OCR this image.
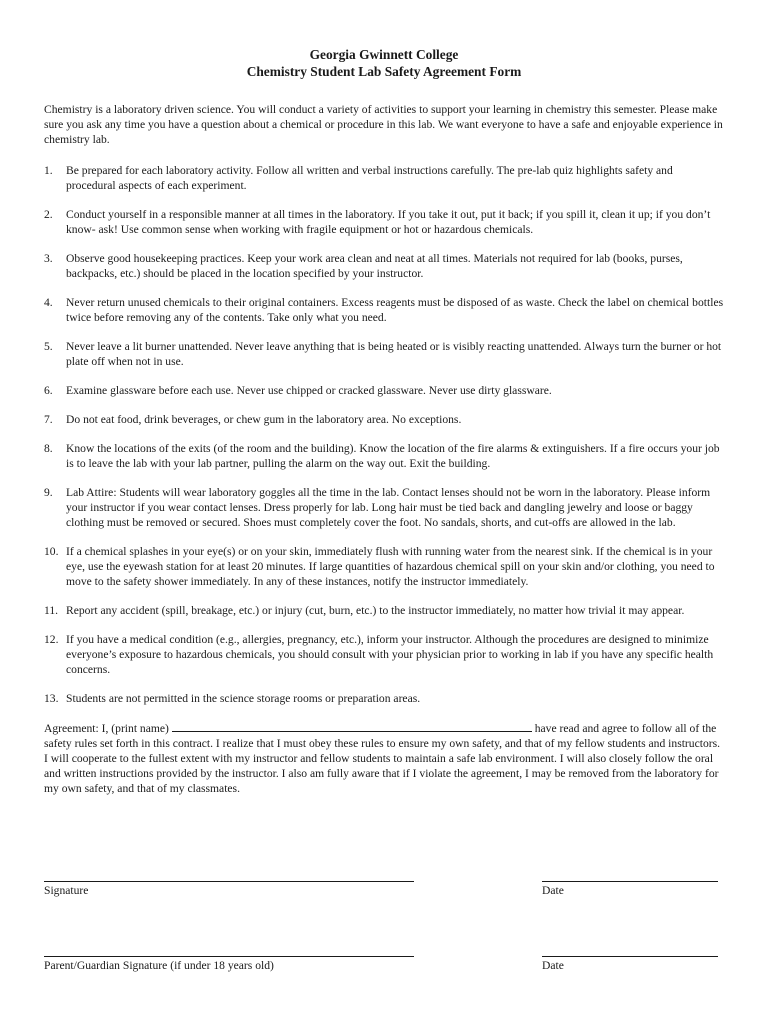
Georgia Gwinnett College

Chemistry Student Lab Safety Agreement Form

Chemistry is a laboratory driven science. You will conduct a variety of activities to support your learning in chemistry this semester. Please make sure you ask any time you have a question about a chemical or procedure in this lab. We want everyone to have a safe and enjoyable experience in chemistry lab.

1.	Be prepared for each laboratory activity. Follow all written and verbal instructions carefully. The pre-lab quiz highlights safety and procedural aspects of each experiment.
2.	Conduct yourself in a responsible manner at all times in the laboratory. If you take it out, put it back; if you spill it, clean it up; if you don’t know- ask! Use common sense when working with fragile equipment or hot or hazardous chemicals.
3.	Observe good housekeeping practices. Keep your work area clean and neat at all times. Materials not required for lab (books, purses, backpacks, etc.) should be placed in the location specified by your instructor.
4.	Never return unused chemicals to their original containers. Excess reagents must be disposed of as waste. Check the label on chemical bottles twice before removing any of the contents. Take only what you need.
5.	Never leave a lit burner unattended. Never leave anything that is being heated or is visibly reacting unattended. Always turn the burner or hot plate off when not in use.
6.	Examine glassware before each use. Never use chipped or cracked glassware. Never use dirty glassware.
7.	Do not eat food, drink beverages, or chew gum in the laboratory area. No exceptions.
8.	Know the locations of the exits (of the room and the building). Know the location of the fire alarms & extinguishers. If a fire occurs your job is to leave the lab with your lab partner, pulling the alarm on the way out. Exit the building.
9.	Lab Attire: Students will wear laboratory goggles all the time in the lab. Contact lenses should not be worn in the laboratory. Please inform your instructor if you wear contact lenses. Dress properly for lab. Long hair must be tied back and dangling jewelry and loose or baggy clothing must be removed or secured. Shoes must completely cover the foot. No sandals, shorts, and cut-offs are allowed in the lab.
10. If a chemical splashes in your eye(s) or on your skin, immediately flush with running water from the nearest sink. If the chemical is in your eye, use the eyewash station for at least 20 minutes. If large quantities of hazardous chemical spill on your skin and/or clothing, you need to move to the safety shower immediately. In any of these instances, notify the instructor immediately.
11. Report any accident (spill, breakage, etc.) or injury (cut, burn, etc.) to the instructor immediately, no matter how trivial it may appear.
12. If you have a medical condition (e.g., allergies, pregnancy, etc.), inform your instructor. Although the procedures are designed to minimize everyone’s exposure to hazardous chemicals, you should consult with your physician prior to working in lab if you have any specific health concerns.
13. Students are not permitted in the science storage rooms or preparation areas.

Agreement: I, (print name)	have read and agree to follow all of the safety rules set forth in this contract. I realize that I must obey these rules to ensure my own safety, and that of my fellow students and instructors. I will cooperate to the fullest extent with my instructor and fellow students to maintain a safe lab environment. I will also closely follow the oral and written instructions provided by the instructor. I also am fully aware that if I violate the agreement, I may be removed from the laboratory for my own safety, and that of my classmates.

Signature	Date
Parent/Guardian Signature (if under 18 years old)	Date
